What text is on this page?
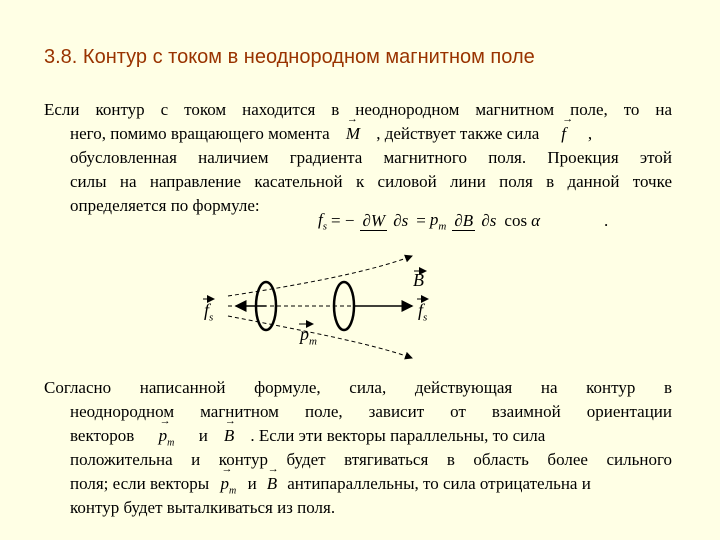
3.8. Контур с током в неоднородном магнитном поле
Если контур с током находится в неоднородном магнитном поле, то на
него, помимо вращающего момента → M , действует также сила → f ,
обусловленная наличием градиента магнитного поля. Проекция этой
силы на направление касательной к силовой лини поля в данной точке
определяется по формуле:
$f_s$ = − ∂W $\partial s = p_m$ ∂B ∂s cos α	.
B
$f_s$	$f_s$
$p_m$
Согласно написанной формуле, сила, действующая на контур в
неоднородном магнитном поле, зависит от взаимной ориентации
векторов → $p_m$ и → B . Если эти векторы параллельны, то сила
положительна и контур будет втягиваться в область более сильного
поля; если векторы → $p_m$ и → B антипараллельны, то сила отрицательна и
контур будет выталкиваться из поля.
